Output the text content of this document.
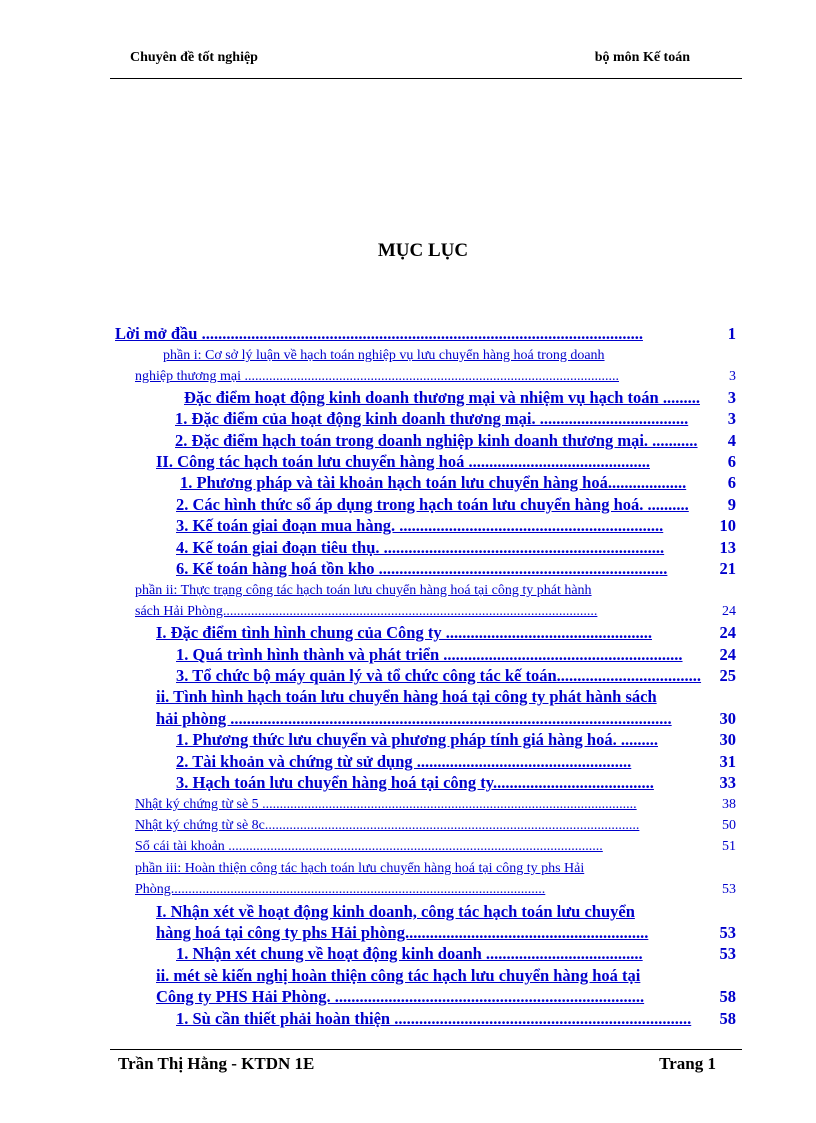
Chuyên đề tốt nghiệp	bộ môn Kế toán
MỤC LỤC
Lời mở đầu ...........................................................................................................	1
phần i: Cơ sở lý luận về hạch toán nghiệp vụ lưu chuyển hàng hoá trong doanh
nghiệp thương mại ...........................................................................................................	3
Đặc điểm hoạt động kinh doanh thương mại và nhiệm vụ hạch toán ......... 3
1. Đặc điểm của hoạt động kinh doanh thương mại. .................................... 3
2. Đặc điểm hạch toán trong doanh nghiệp kinh doanh thương mại. ........... 4
II. Công tác hạch toán lưu chuyển hàng hoá ............................................	6
1. Phương pháp và tài khoản hạch toán lưu chuyển hàng hoá...................	6
2. Các hình thức sổ áp dụng trong hạch toán lưu chuyển hàng hoá. .......... 9
3. Kế toán giai đoạn mua hàng. ................................................................	10
4. Kế toán giai đoạn tiêu thụ. ....................................................................	13
6. Kế toán hàng hoá tồn kho ......................................................................	21
phần ii: Thực trạng công tác hạch toán lưu chuyển hàng hoá tại công ty phát hành
sách Hải Phòng...........................................................................................................	24
I. Đặc điểm tình hình chung của Công ty ..................................................	24
1. Quá trình hình thành và phát triển .......................................................... 24
3. Tổ chức bộ máy quản lý và tổ chức công tác kế toán................................... 25
ii. Tình hình hạch toán lưu chuyển hàng hoá tại công ty phát hành sách
hải phòng ...........................................................................................................	30
1. Phương thức lưu chuyển và phương pháp tính giá hàng hoá. .........	30
2. Tài khoản và chứng từ sử dụng ....................................................	31
3. Hạch toán lưu chuyển hàng hoá tại công ty.......................................	33
Nhật ký chứng từ sè 5 ...........................................................................................................	38
Nhật ký chứng từ sè 8c...........................................................................................................	50
Sổ cái tài khoản ...........................................................................................................	51
phần iii: Hoàn thiện công tác hạch toán lưu chuyển hàng hoá tại công ty phs Hải
Phòng...........................................................................................................	53
I. Nhận xét về hoạt động kinh doanh, công tác hạch toán lưu chuyển
hàng hoá tại công ty phs Hải phòng...........................................................	53
1. Nhận xét chung về hoạt động kinh doanh ......................................	53
ii. mét sè kiến nghị hoàn thiện công tác hạch lưu chuyển hàng hoá tại
Công ty PHS Hải Phòng. ...........................................................................	58
1. Sù cần thiết phải hoàn thiện ........................................................................ 58
Trần Thị Hằng - KTDN 1E	Trang 1
